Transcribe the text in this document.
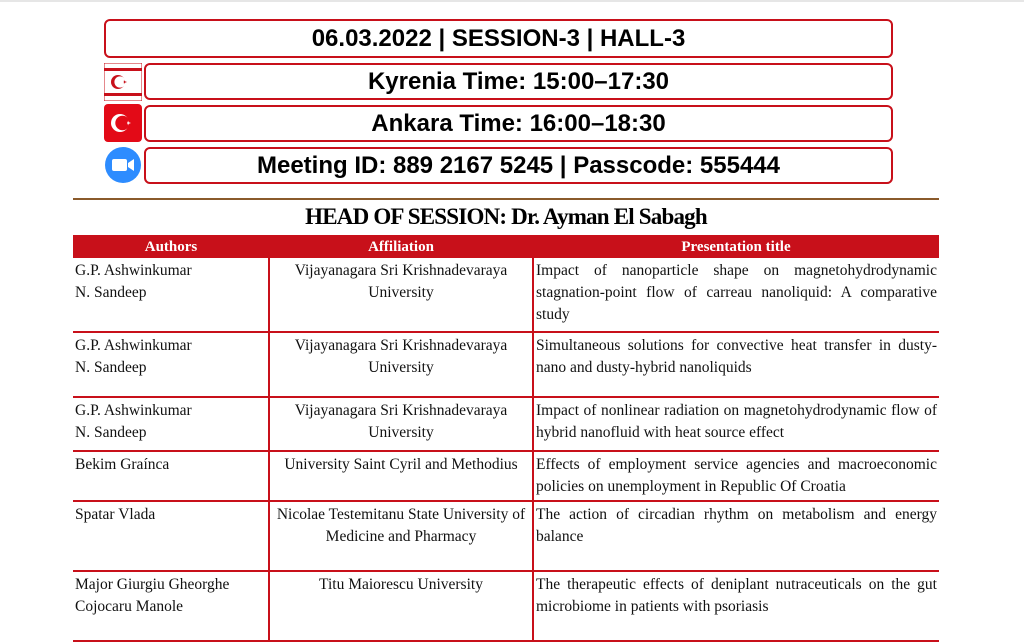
06.03.2022 | SESSION-3 | HALL-3
Kyrenia Time: 15:00–17:30
Ankara Time: 16:00–18:30
Meeting ID: 889 2167 5245 | Passcode: 555444
HEAD OF SESSION: Dr. Ayman El Sabagh
Authors	Affiliation	Presentation title

G.P. Ashwinkumar
N. Sandeep	Vijayanagara Sri Krishnadevaraya University	Impact of nanoparticle shape on magnetohydrodynamic stagnation-point flow of carreau nanoliquid: A comparative study

G.P. Ashwinkumar
N. Sandeep	Vijayanagara Sri Krishnadevaraya University	Simultaneous solutions for convective heat transfer in dusty-nano and dusty-hybrid nanoliquids

G.P. Ashwinkumar
N. Sandeep	Vijayanagara Sri Krishnadevaraya University	Impact of nonlinear radiation on magnetohydrodynamic flow of hybrid nanofluid with heat source effect

Bekim Graínca	University Saint Cyril and Methodius	Effects of employment service agencies and macroeconomic policies on unemployment in Republic Of Croatia

Spatar Vlada	Nicolae Testemitanu State University of Medicine and Pharmacy	The action of circadian rhythm on metabolism and energy balance

Major Giurgiu Gheorghe
Cojocaru Manole	Titu Maiorescu University	The therapeutic effects of deniplant nutraceuticals on the gut microbiome in patients with psoriasis
